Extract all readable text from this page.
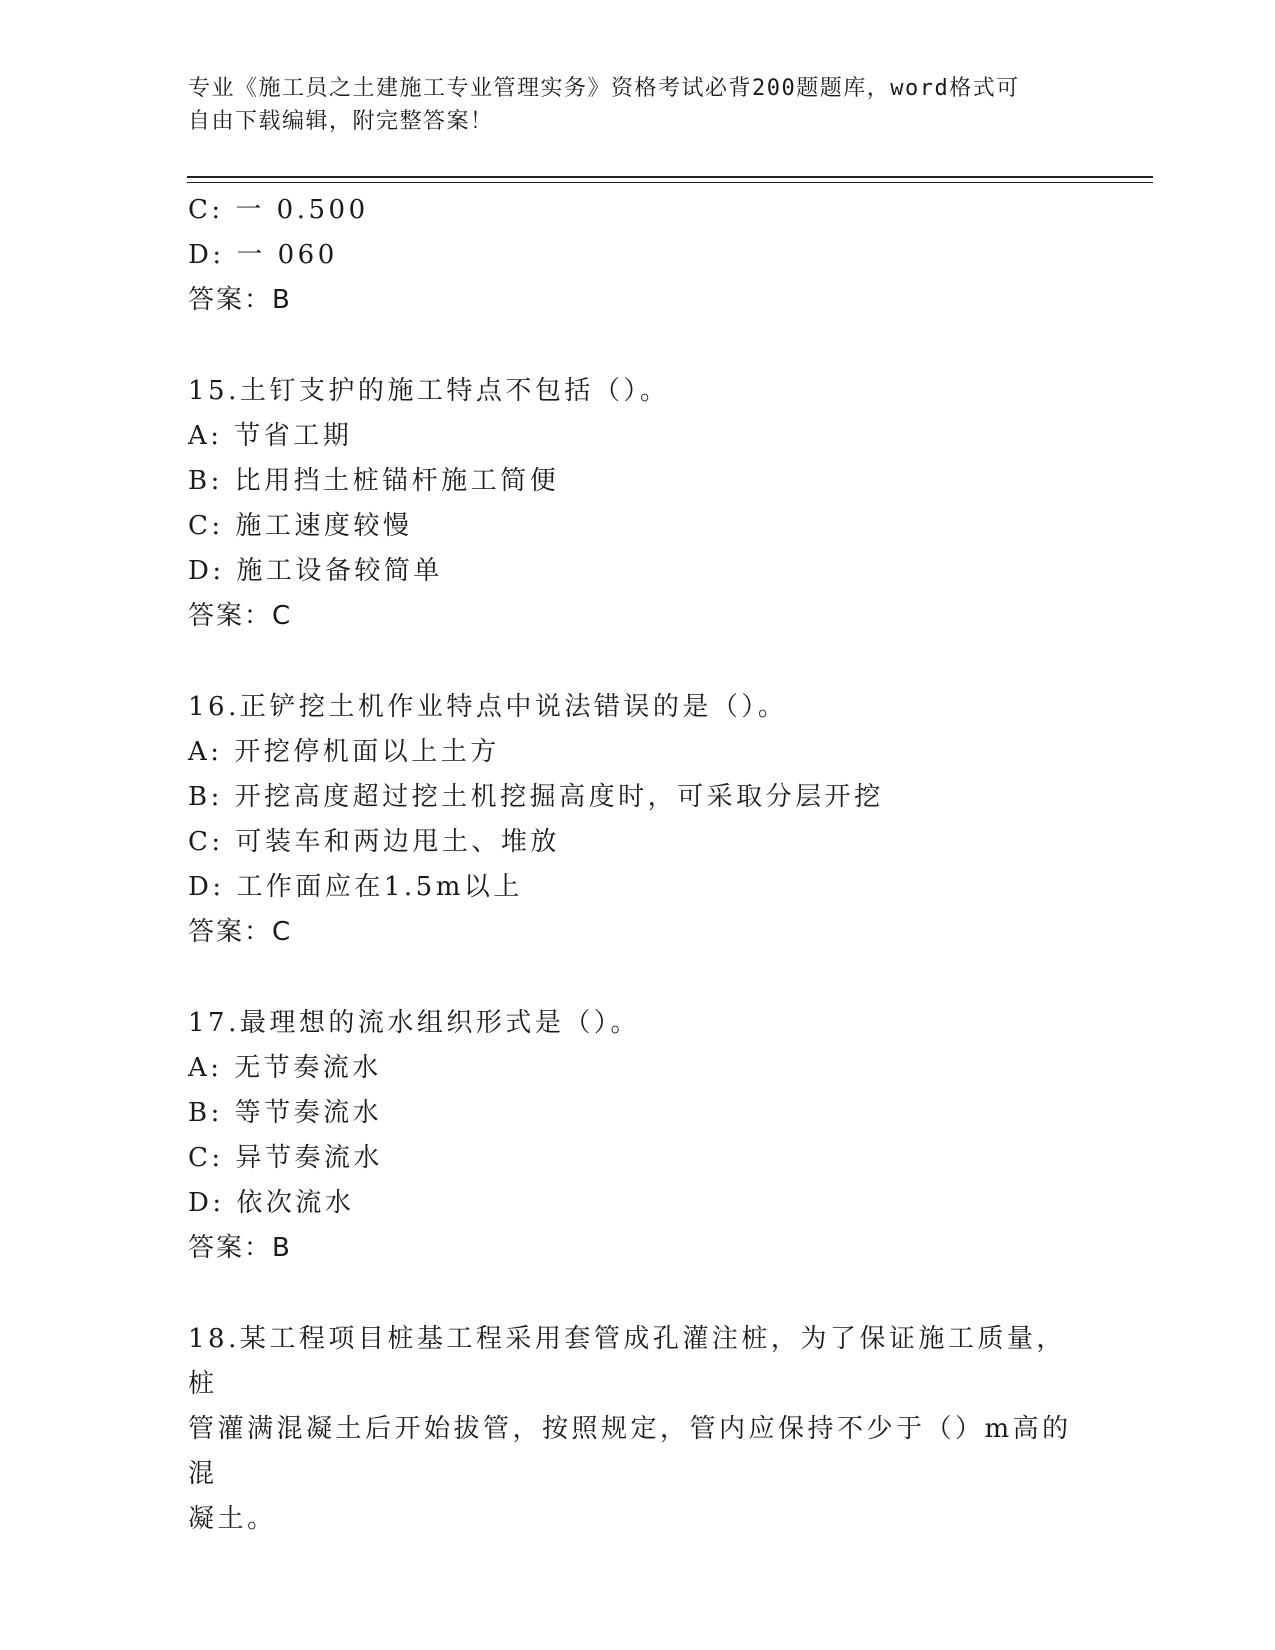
专业《施工员之土建施工专业管理实务》资格考试必背200题题库，word格式可
自由下载编辑，附完整答案！

C: 一 0.500

D: 一 060

答案：B

15.土钉支护的施工特点不包括（）。

A: 节省工期

B: 比用挡土桩锚杆施工简便

C: 施工速度较慢

D: 施工设备较简单

答案：C

16.正铲挖土机作业特点中说法错误的是（）。

A: 开挖停机面以上土方

B: 开挖高度超过挖土机挖掘高度时，可采取分层开挖

C: 可装车和两边甩土、堆放

D: 工作面应在1.5m以上

答案：C

17.最理想的流水组织形式是（）。

A: 无节奏流水

B: 等节奏流水

C: 异节奏流水

D: 依次流水

答案：B

18.某工程项目桩基工程采用套管成孔灌注桩，为了保证施工质量，桩

管灌满混凝土后开始拔管，按照规定，管内应保持不少于（）m高的混

凝土。
